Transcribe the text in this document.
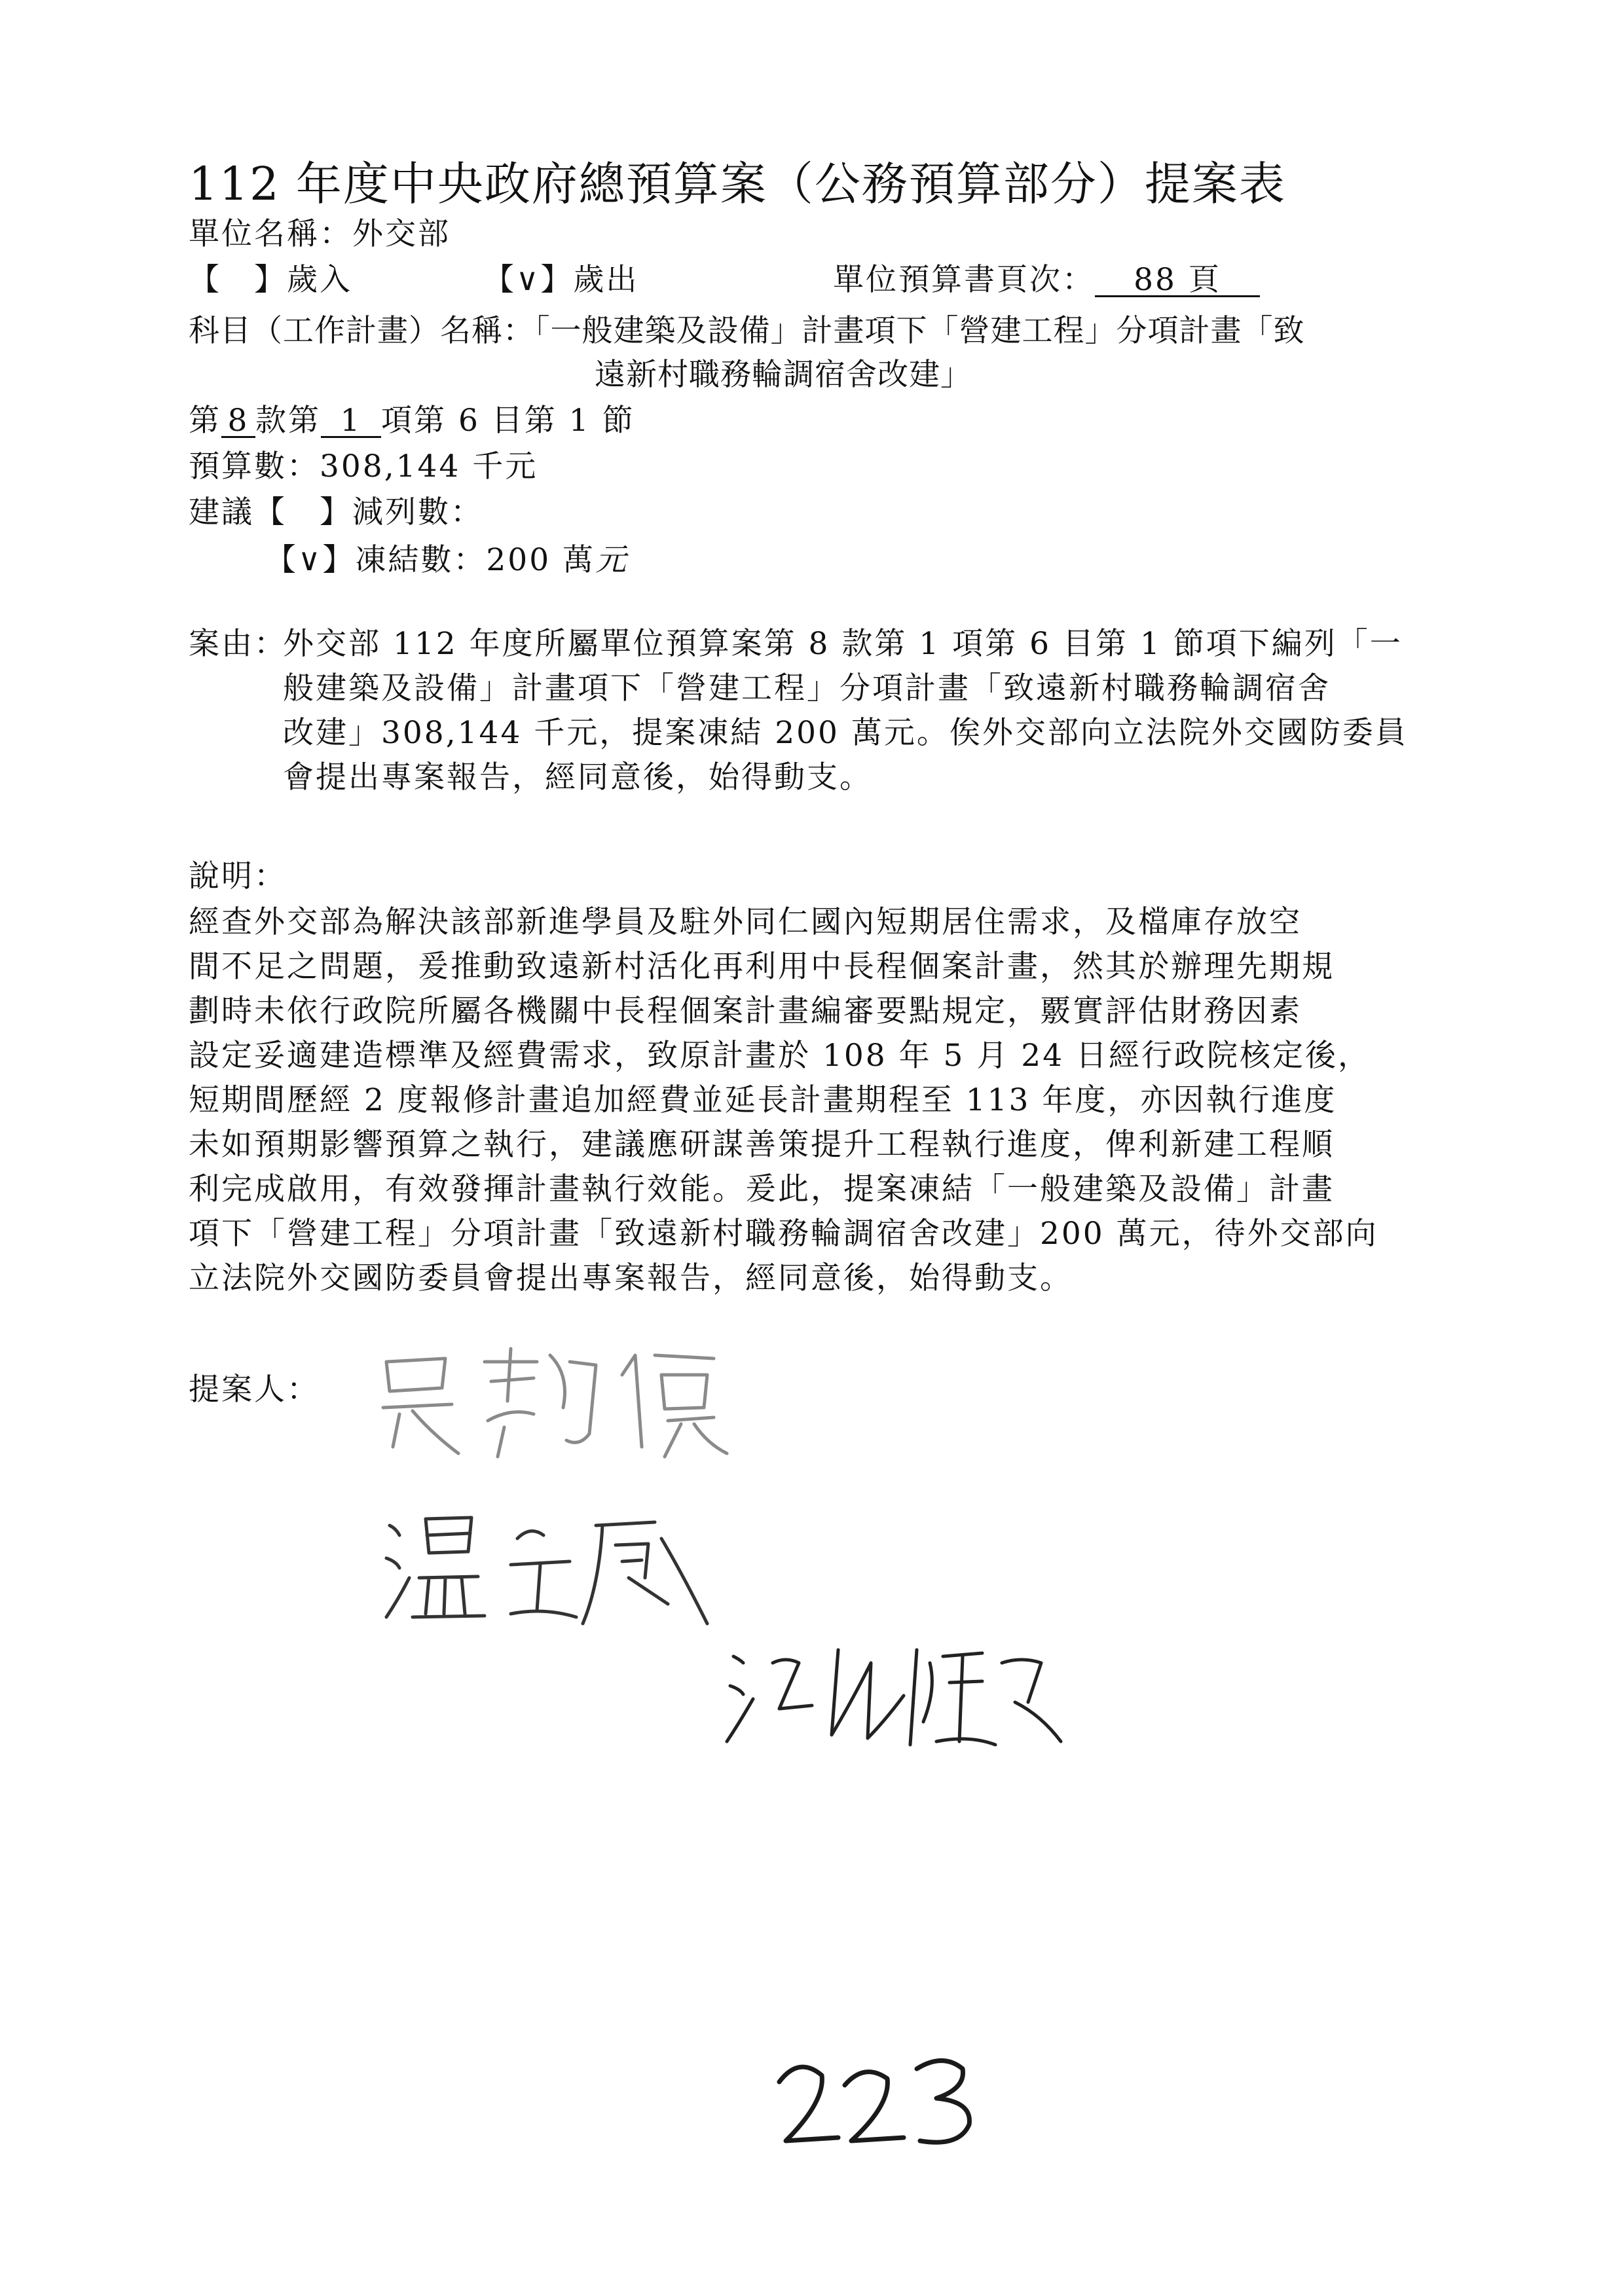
112 年度中央政府總預算案（公務預算部分）提案表
單位名稱：外交部
【　】歲入	【∨】歲出	單位預算書頁次： 88 頁
科目（工作計畫）名稱：「一般建築及設備」計畫項下「營建工程」分項計畫「致
遠新村職務輪調宿舍改建」
第 8 款第 1 項第 6 目第 1 節
預算數：308,144 千元
建議【　】減列數：
【∨】凍結數：200 萬元
案由：
外交部 112 年度所屬單位預算案第 8 款第 1 項第 6 目第 1 節項下編列「一
般建築及設備」計畫項下「營建工程」分項計畫「致遠新村職務輪調宿舍
改建」308,144 千元，提案凍結 200 萬元。俟外交部向立法院外交國防委員
會提出專案報告，經同意後，始得動支。
說明：
經查外交部為解決該部新進學員及駐外同仁國內短期居住需求，及檔庫存放空
間不足之問題，爰推動致遠新村活化再利用中長程個案計畫，然其於辦理先期規
劃時未依行政院所屬各機關中長程個案計畫編審要點規定，覈實評估財務因素
設定妥適建造標準及經費需求，致原計畫於 108 年 5 月 24 日經行政院核定後，
短期間歷經 2 度報修計畫追加經費並延長計畫期程至 113 年度，亦因執行進度
未如預期影響預算之執行，建議應研謀善策提升工程執行進度，俾利新建工程順
利完成啟用，有效發揮計畫執行效能。爰此，提案凍結「一般建築及設備」計畫
項下「營建工程」分項計畫「致遠新村職務輪調宿舍改建」200 萬元，待外交部向
立法院外交國防委員會提出專案報告，經同意後，始得動支。
提案人：
